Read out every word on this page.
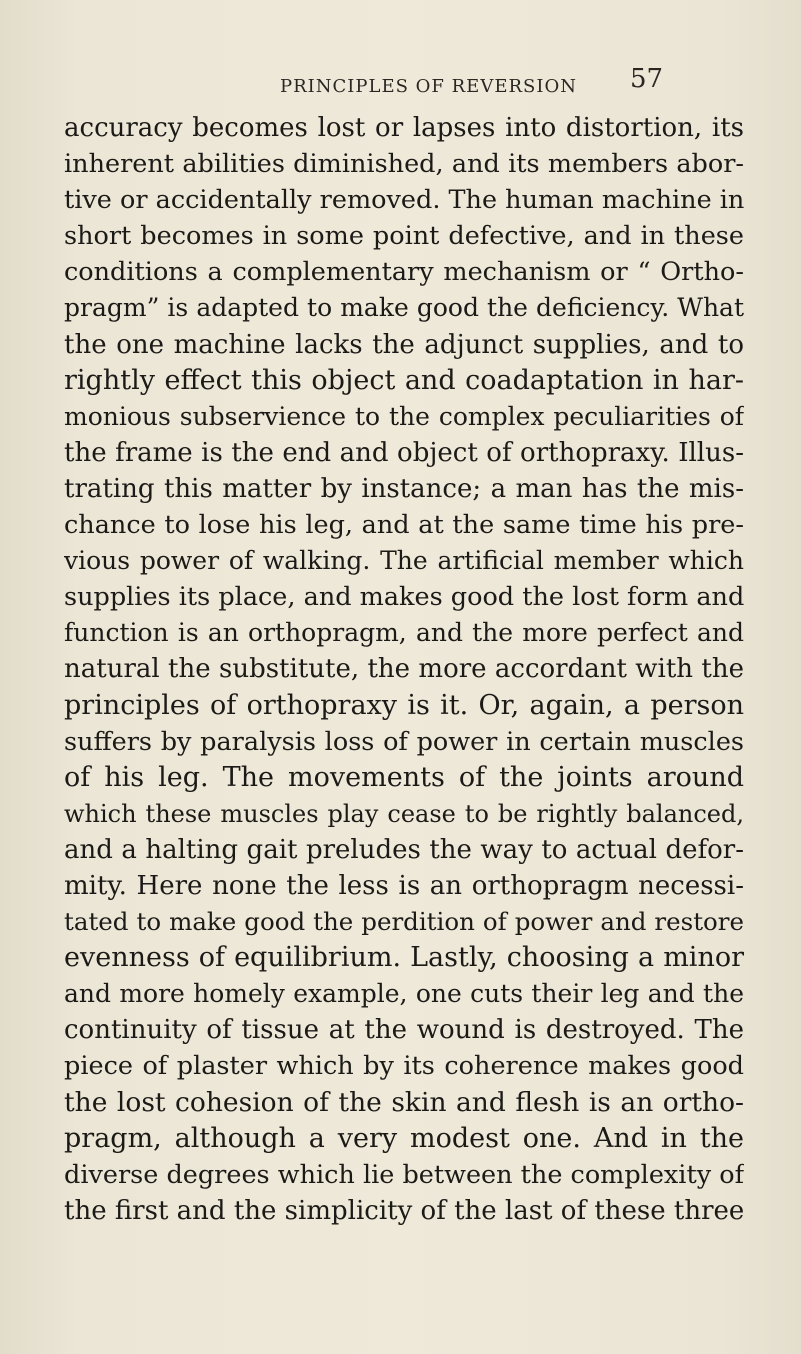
PRINCIPLES OF REVERSION 57
accuracy becomes lost or lapses into distortion, its
inherent abilities diminished, and its members abor-
tive or accidentally removed. The human machine in
short becomes in some point defective, and in these
conditions a complementary mechanism or “ Ortho-
pragm” is adapted to make good the deficiency. What
the one machine lacks the adjunct supplies, and to
rightly effect this object and coadaptation in har-
monious subservience to the complex peculiarities of
the frame is the end and object of orthopraxy. Illus-
trating this matter by instance; a man has the mis-
chance to lose his leg, and at the same time his pre-
vious power of walking. The artificial member which
supplies its place, and makes good the lost form and
function is an orthopragm, and the more perfect and
natural the substitute, the more accordant with the
principles of orthopraxy is it. Or, again, a person
suffers by paralysis loss of power in certain muscles
of his leg. The movements of the joints around
which these muscles play cease to be rightly balanced,
and a halting gait preludes the way to actual defor-
mity. Here none the less is an orthopragm necessi-
tated to make good the perdition of power and restore
evenness of equilibrium. Lastly, choosing a minor
and more homely example, one cuts their leg and the
continuity of tissue at the wound is destroyed. The
piece of plaster which by its coherence makes good
the lost cohesion of the skin and flesh is an ortho-
pragm, although a very modest one. And in the
diverse degrees which lie between the complexity of
the first and the simplicity of the last of these three
